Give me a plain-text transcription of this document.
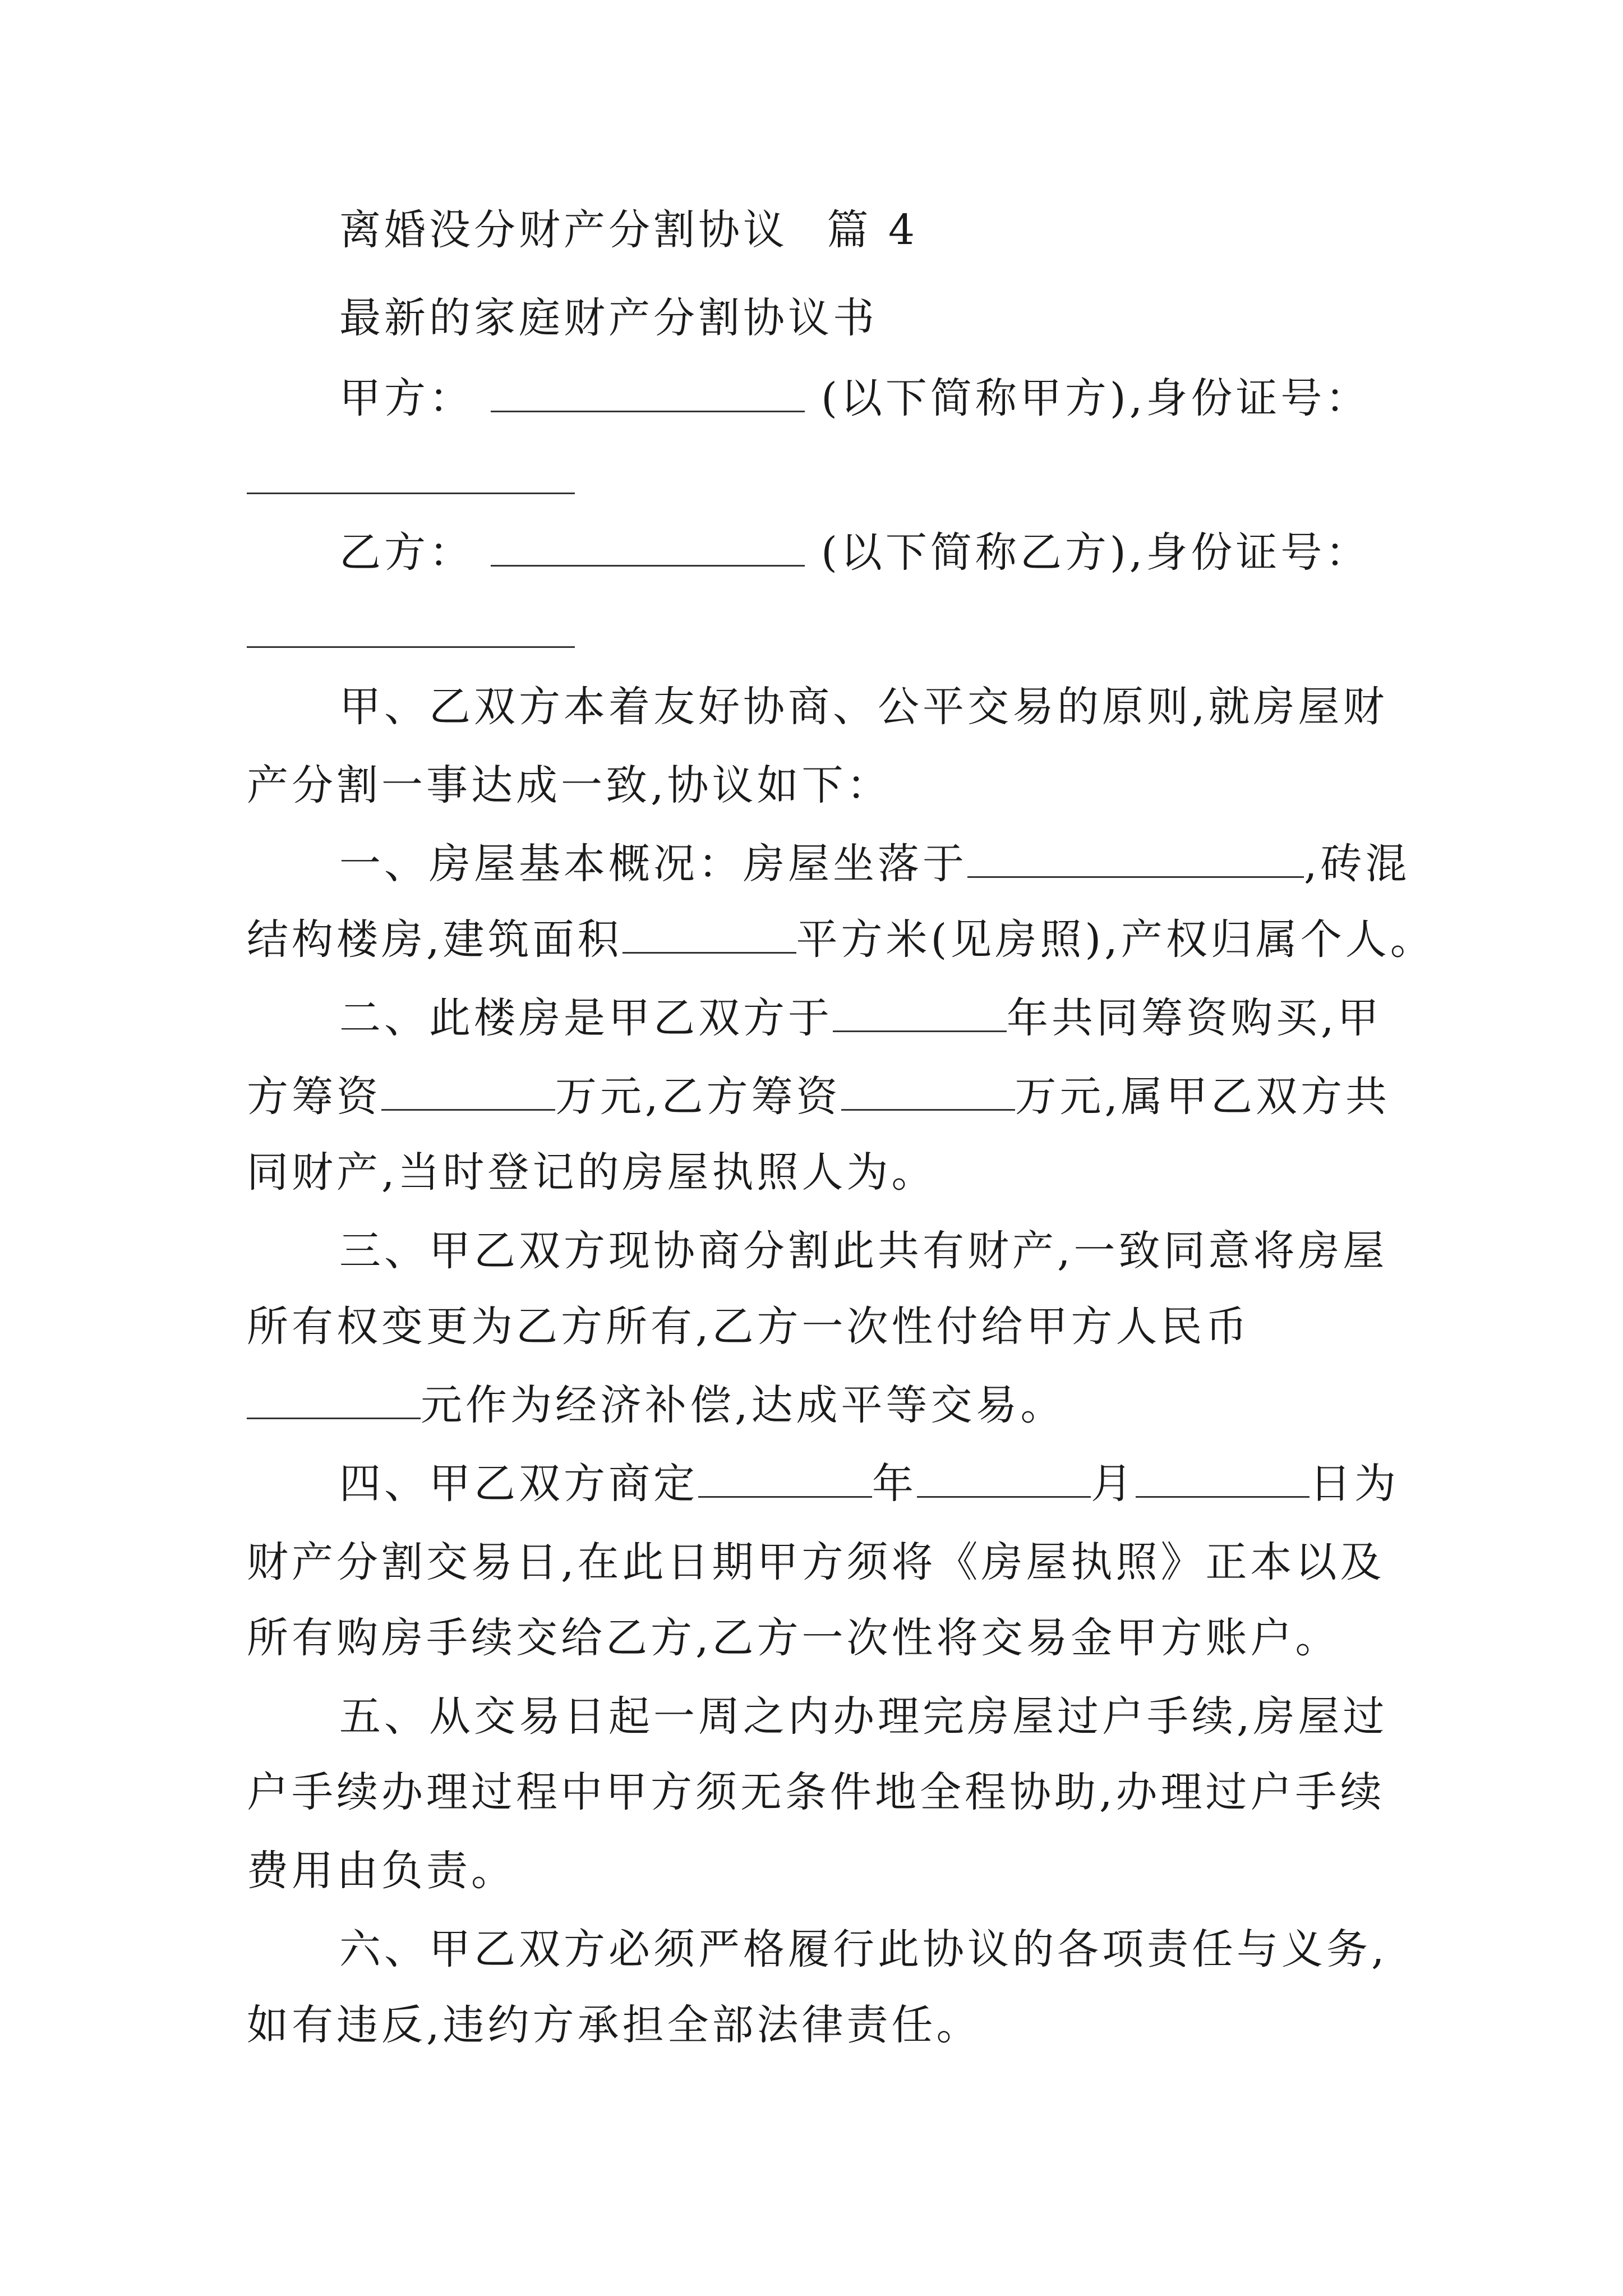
离婚没分财产分割协议 篇 4
最新的家庭财产分割协议书
甲方：	(以下简称甲方),身份证号：
乙方：	(以下简称乙方),身份证号：
甲、乙双方本着友好协商、公平交易的原则,就房屋财
产分割一事达成一致,协议如下：
一、房屋基本概况：房屋坐落于	,砖混
结构楼房,建筑面积	平方米(见房照),产权归属个人。
二、此楼房是甲乙双方于	年共同筹资购买,甲
方筹资	万元,乙方筹资	万元,属甲乙双方共
同财产,当时登记的房屋执照人为。
三、甲乙双方现协商分割此共有财产,一致同意将房屋
所有权变更为乙方所有,乙方一次性付给甲方人民币
元作为经济补偿,达成平等交易。
四、甲乙双方商定	年	月	日为
财产分割交易日,在此日期甲方须将《房屋执照》正本以及
所有购房手续交给乙方,乙方一次性将交易金甲方账户。
五、从交易日起一周之内办理完房屋过户手续,房屋过
户手续办理过程中甲方须无条件地全程协助,办理过户手续
费用由负责。
六、甲乙双方必须严格履行此协议的各项责任与义务,
如有违反,违约方承担全部法律责任。
